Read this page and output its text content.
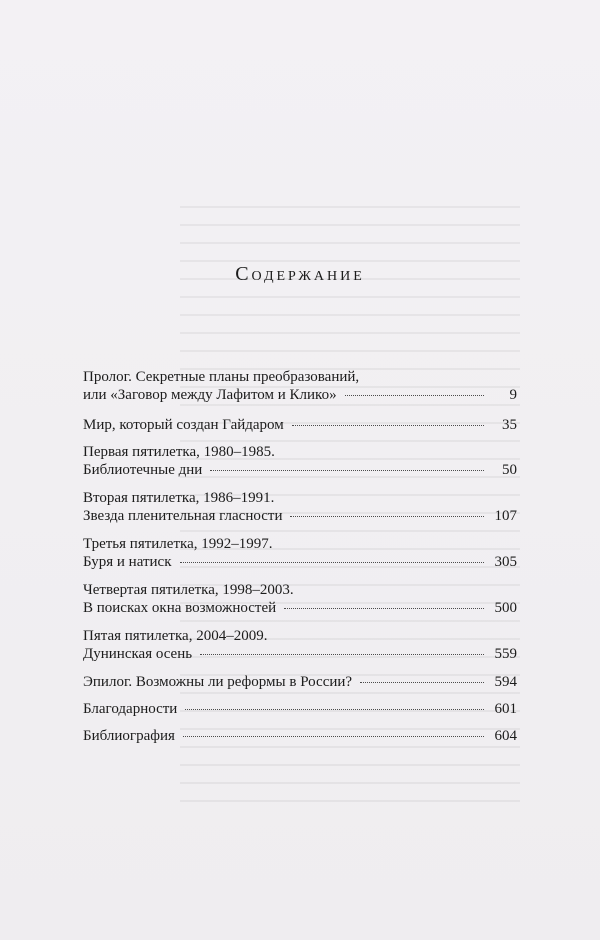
Содержание
Пролог. Секретные планы преобразований,
или «Заговор между Лафитом и Клико»	9
Мир, который создан Гайдаром	35
Первая пятилетка, 1980–1985.
Библиотечные дни	50
Вторая пятилетка, 1986–1991.
Звезда пленительная гласности	107
Третья пятилетка, 1992–1997.
Буря и натиск	305
Четвертая пятилетка, 1998–2003.
В поисках окна возможностей	500
Пятая пятилетка, 2004–2009.
Дунинская осень	559
Эпилог. Возможны ли реформы в России?	594
Благодарности	601
Библиография	604
